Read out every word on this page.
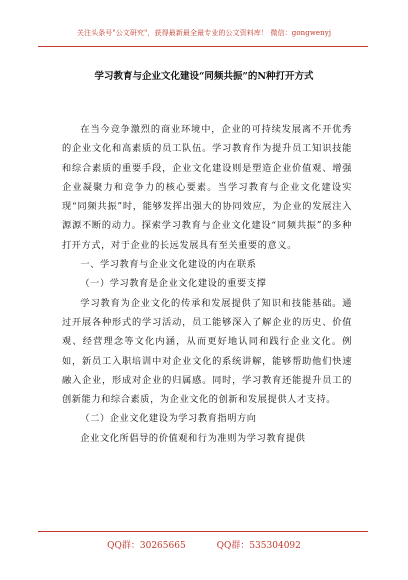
关注头条号"公文研究"，获得最新最全最专业的公文资料库！ 微信：gongwenyj
学习教育与企业文化建设“同频共振”的N种打开方式

在当今竞争激烈的商业环境中，企业的可持续发展离不开优秀的企业文化和高素质的员工队伍。学习教育作为提升员工知识技能和综合素质的重要手段，企业文化建设则是塑造企业价值观、增强企业凝聚力和竞争力的核心要素。当学习教育与企业文化建设实现“同频共振”时，能够发挥出强大的协同效应，为企业的发展注入源源不断的动力。探索学习教育与企业文化建设“同频共振”的多种打开方式，对于企业的长远发展具有至关重要的意义。

一、学习教育与企业文化建设的内在联系

（一）学习教育是企业文化建设的重要支撑

学习教育为企业文化的传承和发展提供了知识和技能基础。通过开展各种形式的学习活动，员工能够深入了解企业的历史、价值观、经营理念等文化内涵，从而更好地认同和践行企业文化。例如，新员工入职培训中对企业文化的系统讲解，能够帮助他们快速融入企业，形成对企业的归属感。同时，学习教育还能提升员工的创新能力和综合素质，为企业文化的创新和发展提供人才支持。

（二）企业文化建设为学习教育指明方向

企业文化所倡导的价值观和行为准则为学习教育提供

QQ群：30265665	QQ群：535304092
